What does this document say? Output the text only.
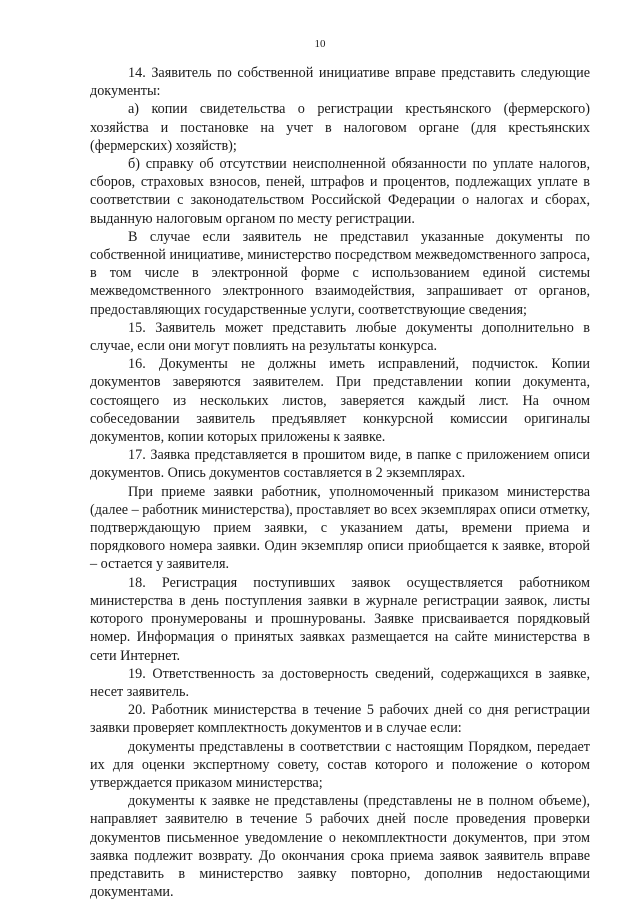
10

14. Заявитель по собственной инициативе вправе представить следующие документы:

а) копии свидетельства о регистрации крестьянского (фермерского) хозяйства и постановке на учет в налоговом органе (для крестьянских (фермерских) хозяйств);

б) справку об отсутствии неисполненной обязанности по уплате налогов, сборов, страховых взносов, пеней, штрафов и процентов, подлежащих уплате в соответствии с законодательством Российской Федерации о налогах и сборах, выданную налоговым органом по месту регистрации.

В случае если заявитель не представил указанные документы по собственной инициативе, министерство посредством межведомственного запроса, в том числе в электронной форме с использованием единой системы межведомственного электронного взаимодействия, запрашивает от органов, предоставляющих государственные услуги, соответствующие сведения;

15. Заявитель может представить любые документы дополнительно в случае, если они могут повлиять на результаты конкурса.

16. Документы не должны иметь исправлений, подчисток. Копии документов заверяются заявителем. При представлении копии документа, состоящего из нескольких листов, заверяется каждый лист. На очном собеседовании заявитель предъявляет конкурсной комиссии оригиналы документов, копии которых приложены к заявке.

17. Заявка представляется в прошитом виде, в папке с приложением описи документов. Опись документов составляется в 2 экземплярах.

При приеме заявки работник, уполномоченный приказом министерства (далее – работник министерства), проставляет во всех экземплярах описи отметку, подтверждающую прием заявки, с указанием даты, времени приема и порядкового номера заявки. Один экземпляр описи приобщается к заявке, второй – остается у заявителя.

18. Регистрация поступивших заявок осуществляется работником министерства в день поступления заявки в журнале регистрации заявок, листы которого пронумерованы и прошнурованы. Заявке присваивается порядковый номер. Информация о принятых заявках размещается на сайте министерства в сети Интернет.

19. Ответственность за достоверность сведений, содержащихся в заявке, несет заявитель.

20. Работник министерства в течение 5 рабочих дней со дня регистрации заявки проверяет комплектность документов и в случае если:

документы представлены в соответствии с настоящим Порядком, передает их для оценки экспертному совету, состав которого и положение о котором утверждается приказом министерства;

документы к заявке не представлены (представлены не в полном объеме), направляет заявителю в течение 5 рабочих дней после проведения проверки документов письменное уведомление о некомплектности документов, при этом заявка подлежит возврату. До окончания срока приема заявок заявитель вправе представить в министерство заявку повторно, дополнив недостающими документами.
